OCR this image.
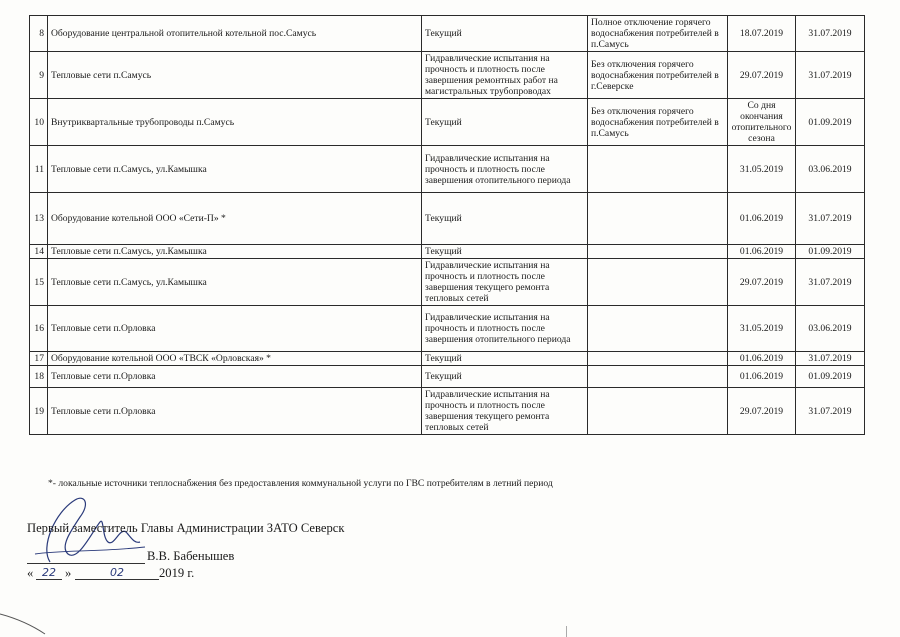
8	Оборудование центральной отопительной котельной пос.Самусь	Текущий	Полное отключение горячего водоснабжения потребителей в п.Самусь	18.07.2019	31.07.2019
9	Тепловые сети п.Самусь	Гидравлические испытания на прочность и плотность после завершения ремонтных работ на магистральных трубопроводах	Без отключения горячего водоснабжения потребителей в г.Северске	29.07.2019	31.07.2019
10	Внутриквартальные трубопроводы п.Самусь	Текущий	Без отключения горячего водоснабжения потребителей в п.Самусь	Со дня окончания отопительного сезона	01.09.2019
11	Тепловые сети п.Самусь, ул.Камышка	Гидравлические испытания на прочность и плотность после завершения отопительного периода		31.05.2019	03.06.2019
13	Оборудование котельной ООО «Сети-П» *	Текущий		01.06.2019	31.07.2019
14	Тепловые сети п.Самусь, ул.Камышка	Текущий		01.06.2019	01.09.2019
15	Тепловые сети п.Самусь, ул.Камышка	Гидравлические испытания на прочность и плотность после завершения текущего ремонта тепловых сетей		29.07.2019	31.07.2019
16	Тепловые сети п.Орловка	Гидравлические испытания на прочность и плотность после завершения отопительного периода		31.05.2019	03.06.2019
17	Оборудование котельной ООО «ТВСК «Орловская» *	Текущий		01.06.2019	31.07.2019
18	Тепловые сети п.Орловка	Текущий		01.06.2019	01.09.2019
19	Тепловые сети п.Орловка	Гидравлические испытания на прочность и плотность после завершения текущего ремонта тепловых сетей		29.07.2019	31.07.2019
*- локальные источники теплоснабжения без предоставления коммунальной услуги по ГВС потребителям в летний период
Первый заместитель Главы Администрации ЗАТО Северск
В.В. Бабенышев
« 22 »	02	2019 г.
